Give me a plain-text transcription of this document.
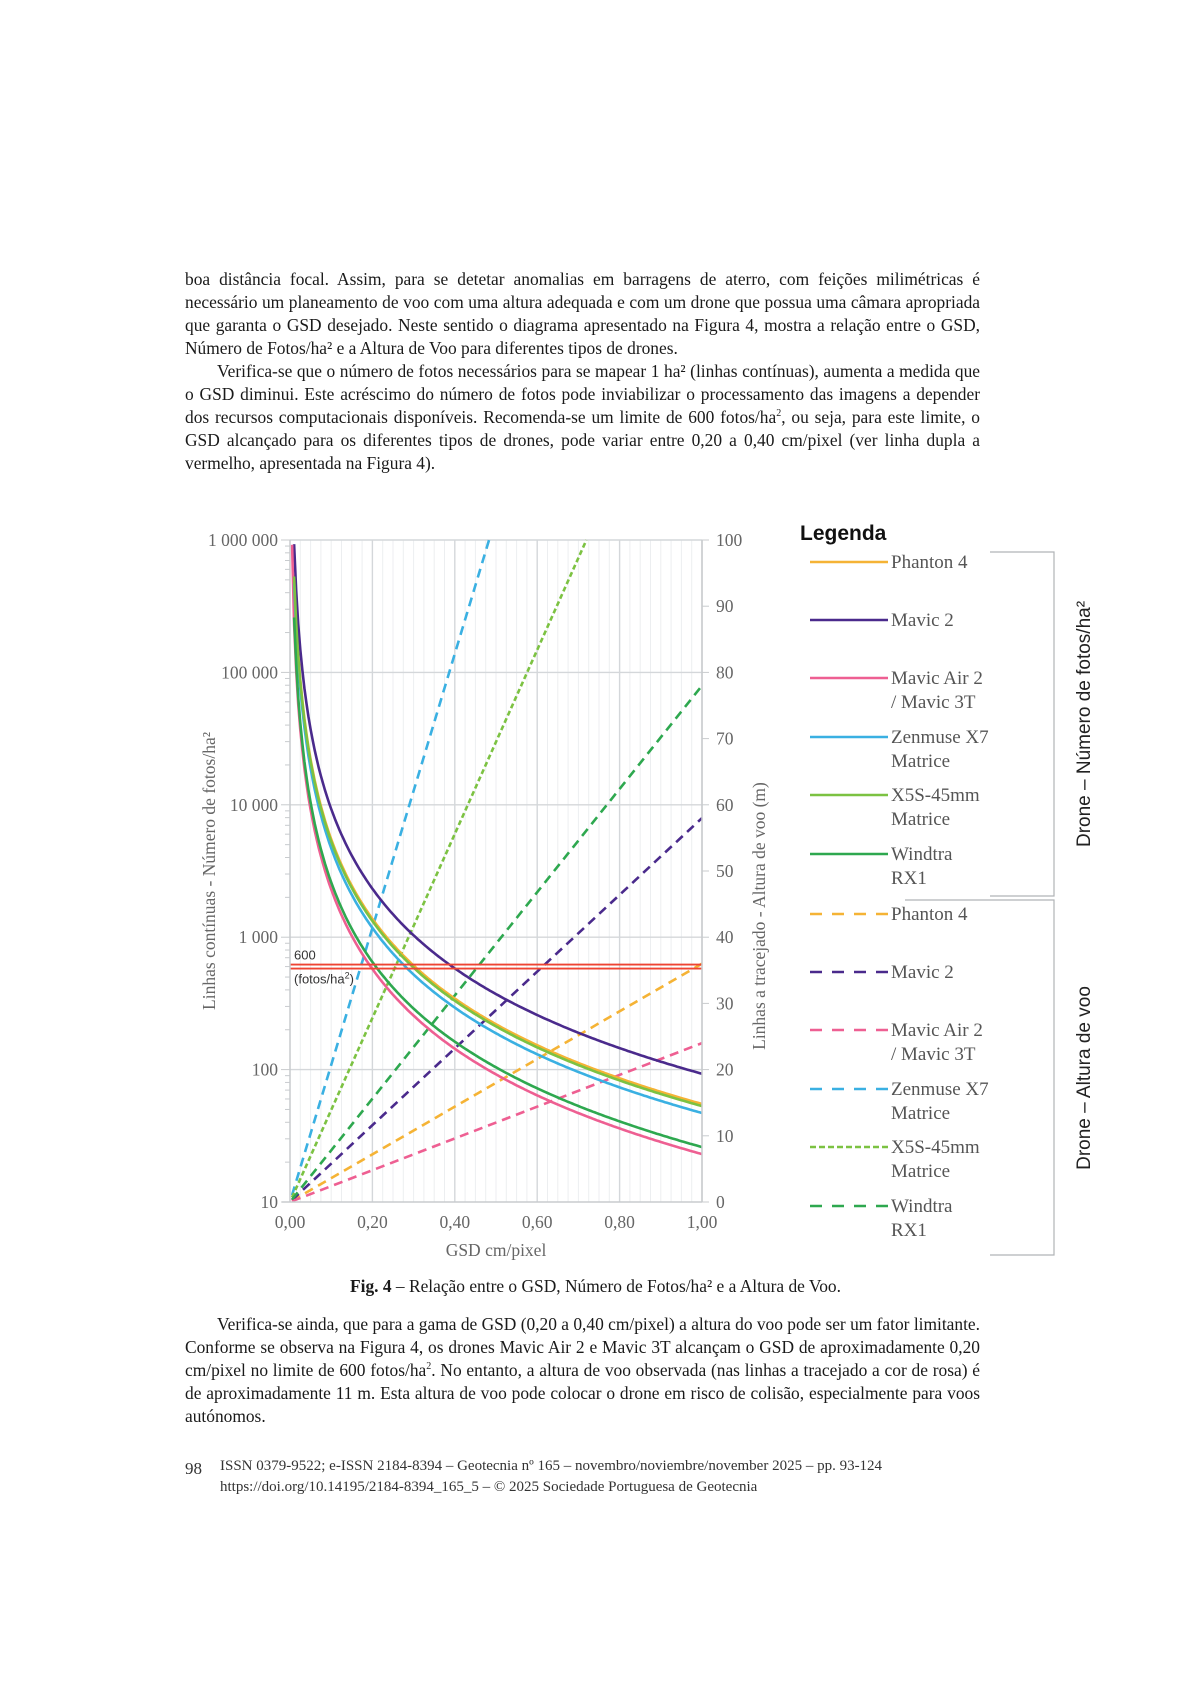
boa distância focal. Assim, para se detetar anomalias em barragens de aterro, com feições milimétricas é necessário um planeamento de voo com uma altura adequada e com um drone que possua uma câmara apropriada que garanta o GSD desejado. Neste sentido o diagrama apresentado na Figura 4, mostra a relação entre o GSD, Número de Fotos/ha² e a Altura de Voo para diferentes tipos de drones.

Verifica-se que o número de fotos necessários para se mapear 1 ha² (linhas contínuas), aumenta a medida que o GSD diminui. Este acréscimo do número de fotos pode inviabilizar o processamento das imagens a depender dos recursos computacionais disponíveis. Recomenda-se um limite de 600 fotos/$ha^2$, ou seja, para este limite, o GSD alcançado para os diferentes tipos de drones, pode variar entre 0,20 a 0,40 cm/pixel (ver linha dupla a vermelho, apresentada na Figura 4).

600
$(fotos/ha^2)$
10
100
1 000
10 000
100 000
1 000 000
0
10
20
30
40
50
60
70
80
90
100
0,00	0,20	0,40	0,60	0,80	1,00
GSD cm/pixel
Linhas contínuas - Número de fotos/ha²	Linhas a tracejado - Altura de voo (m)
Legenda
Phanton 4
Mavic 2
Mavic Air 2
/ Mavic 3T
Zenmuse X7
Matrice
X5S-45mm
Matrice
Windtra
RX1
Phanton 4
Mavic 2
Mavic Air 2
/ Mavic 3T
Zenmuse X7
Matrice
X5S-45mm
Matrice
Windtra
RX1
Drone – Número de fotos/ha²
Drone – Altura de voo
Fig. 4 – Relação entre o GSD, Número de Fotos/ha² e a Altura de Voo.

Verifica-se ainda, que para a gama de GSD (0,20 a 0,40 cm/pixel) a altura do voo pode ser um fator limitante. Conforme se observa na Figura 4, os drones Mavic Air 2 e Mavic 3T alcançam o GSD de aproximadamente 0,20 cm/pixel no limite de 600 fotos/$ha^2$. No entanto, a altura de voo observada (nas linhas a tracejado a cor de rosa) é de aproximadamente 11 m. Esta altura de voo pode colocar o drone em risco de colisão, especialmente para voos autónomos.

98 ISSN 0379-9522; e-ISSN 2184-8394 – Geotecnia nº 165 – novembro/noviembre/november 2025 – pp. 93-124
https://doi.org/10.14195/2184-8394_165_5 – © 2025 Sociedade Portuguesa de Geotecnia
